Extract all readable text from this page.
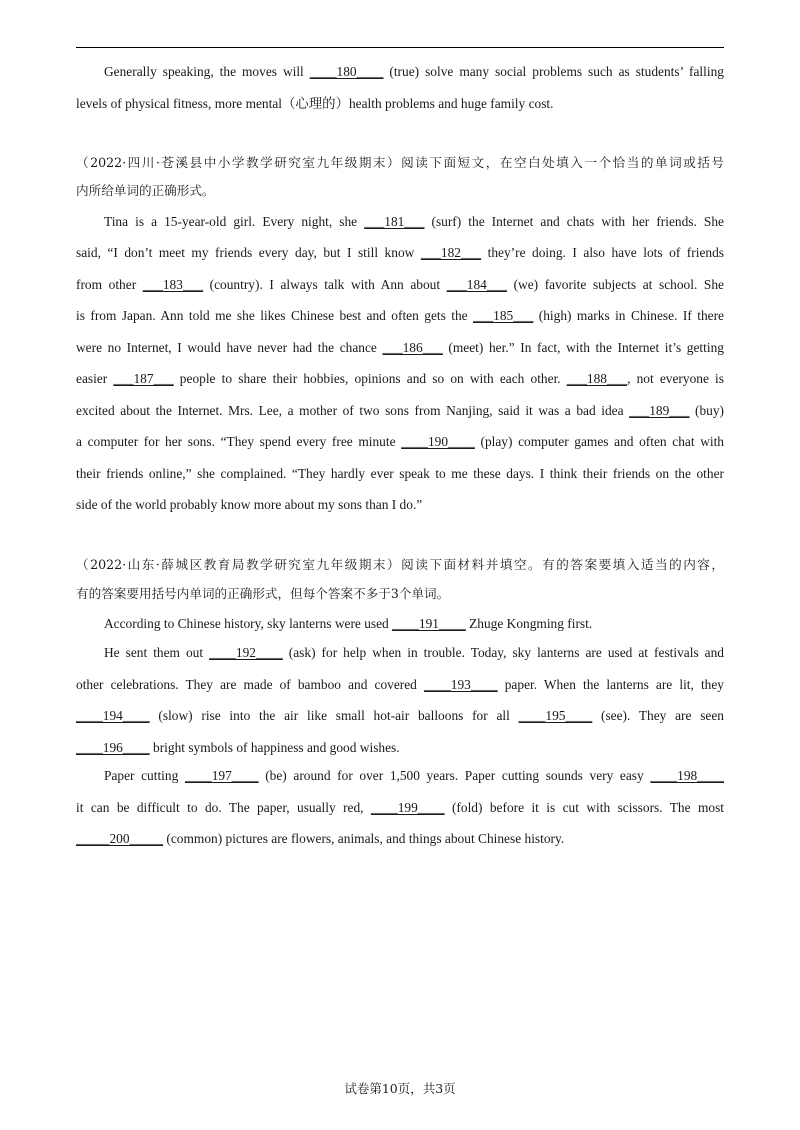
Generally speaking, the moves will ____180____ (true) solve many social problems such as students’ falling
levels of physical fitness, more mental（心理的）health problems and huge family cost.
（2022·四川·苍溪县中小学教学研究室九年级期末）阅读下面短文，在空白处填入一个恰当的单词或括号
内所给单词的正确形式。
Tina is a 15-year-old girl. Every night, she ___181___ (surf) the Internet and chats with her friends. She
said, “I don’t meet my friends every day, but I still know ___182___ they’re doing. I also have lots of friends
from other ___183___ (country). I always talk with Ann about ___184___ (we) favorite subjects at school. She
is from Japan. Ann told me she likes Chinese best and often gets the ___185___ (high) marks in Chinese. If there
were no Internet, I would have never had the chance ___186___ (meet) her.” In fact, with the Internet it’s getting
easier ___187___ people to share their hobbies, opinions and so on with each other. ___188___, not everyone is
excited about the Internet. Mrs. Lee, a mother of two sons from Nanjing, said it was a bad idea ___189___ (buy)
a computer for her sons. “They spend every free minute ____190____ (play) computer games and often chat with
their friends online,” she complained. “They hardly ever speak to me these days. I think their friends on the other
side of the world probably know more about my sons than I do.”
（2022·山东·薛城区教育局教学研究室九年级期末）阅读下面材料并填空。有的答案要填入适当的内容，
有的答案要用括号内单词的正确形式，但每个答案不多于3个单词。
According to Chinese history, sky lanterns were used ____191____ Zhuge Kongming first.
He sent them out ____192____ (ask) for help when in trouble. Today, sky lanterns are used at festivals and
other celebrations. They are made of bamboo and covered ____193____ paper. When the lanterns are lit, they
____194____ (slow) rise into the air like small hot-air balloons for all ____195____ (see). They are seen
____196____ bright symbols of happiness and good wishes.
Paper cutting ____197____ (be) around for over 1,500 years. Paper cutting sounds very easy ____198____
it can be difficult to do. The paper, usually red, ____199____ (fold) before it is cut with scissors. The most
_____200_____ (common) pictures are flowers, animals, and things about Chinese history.
试卷第10页，共3页
